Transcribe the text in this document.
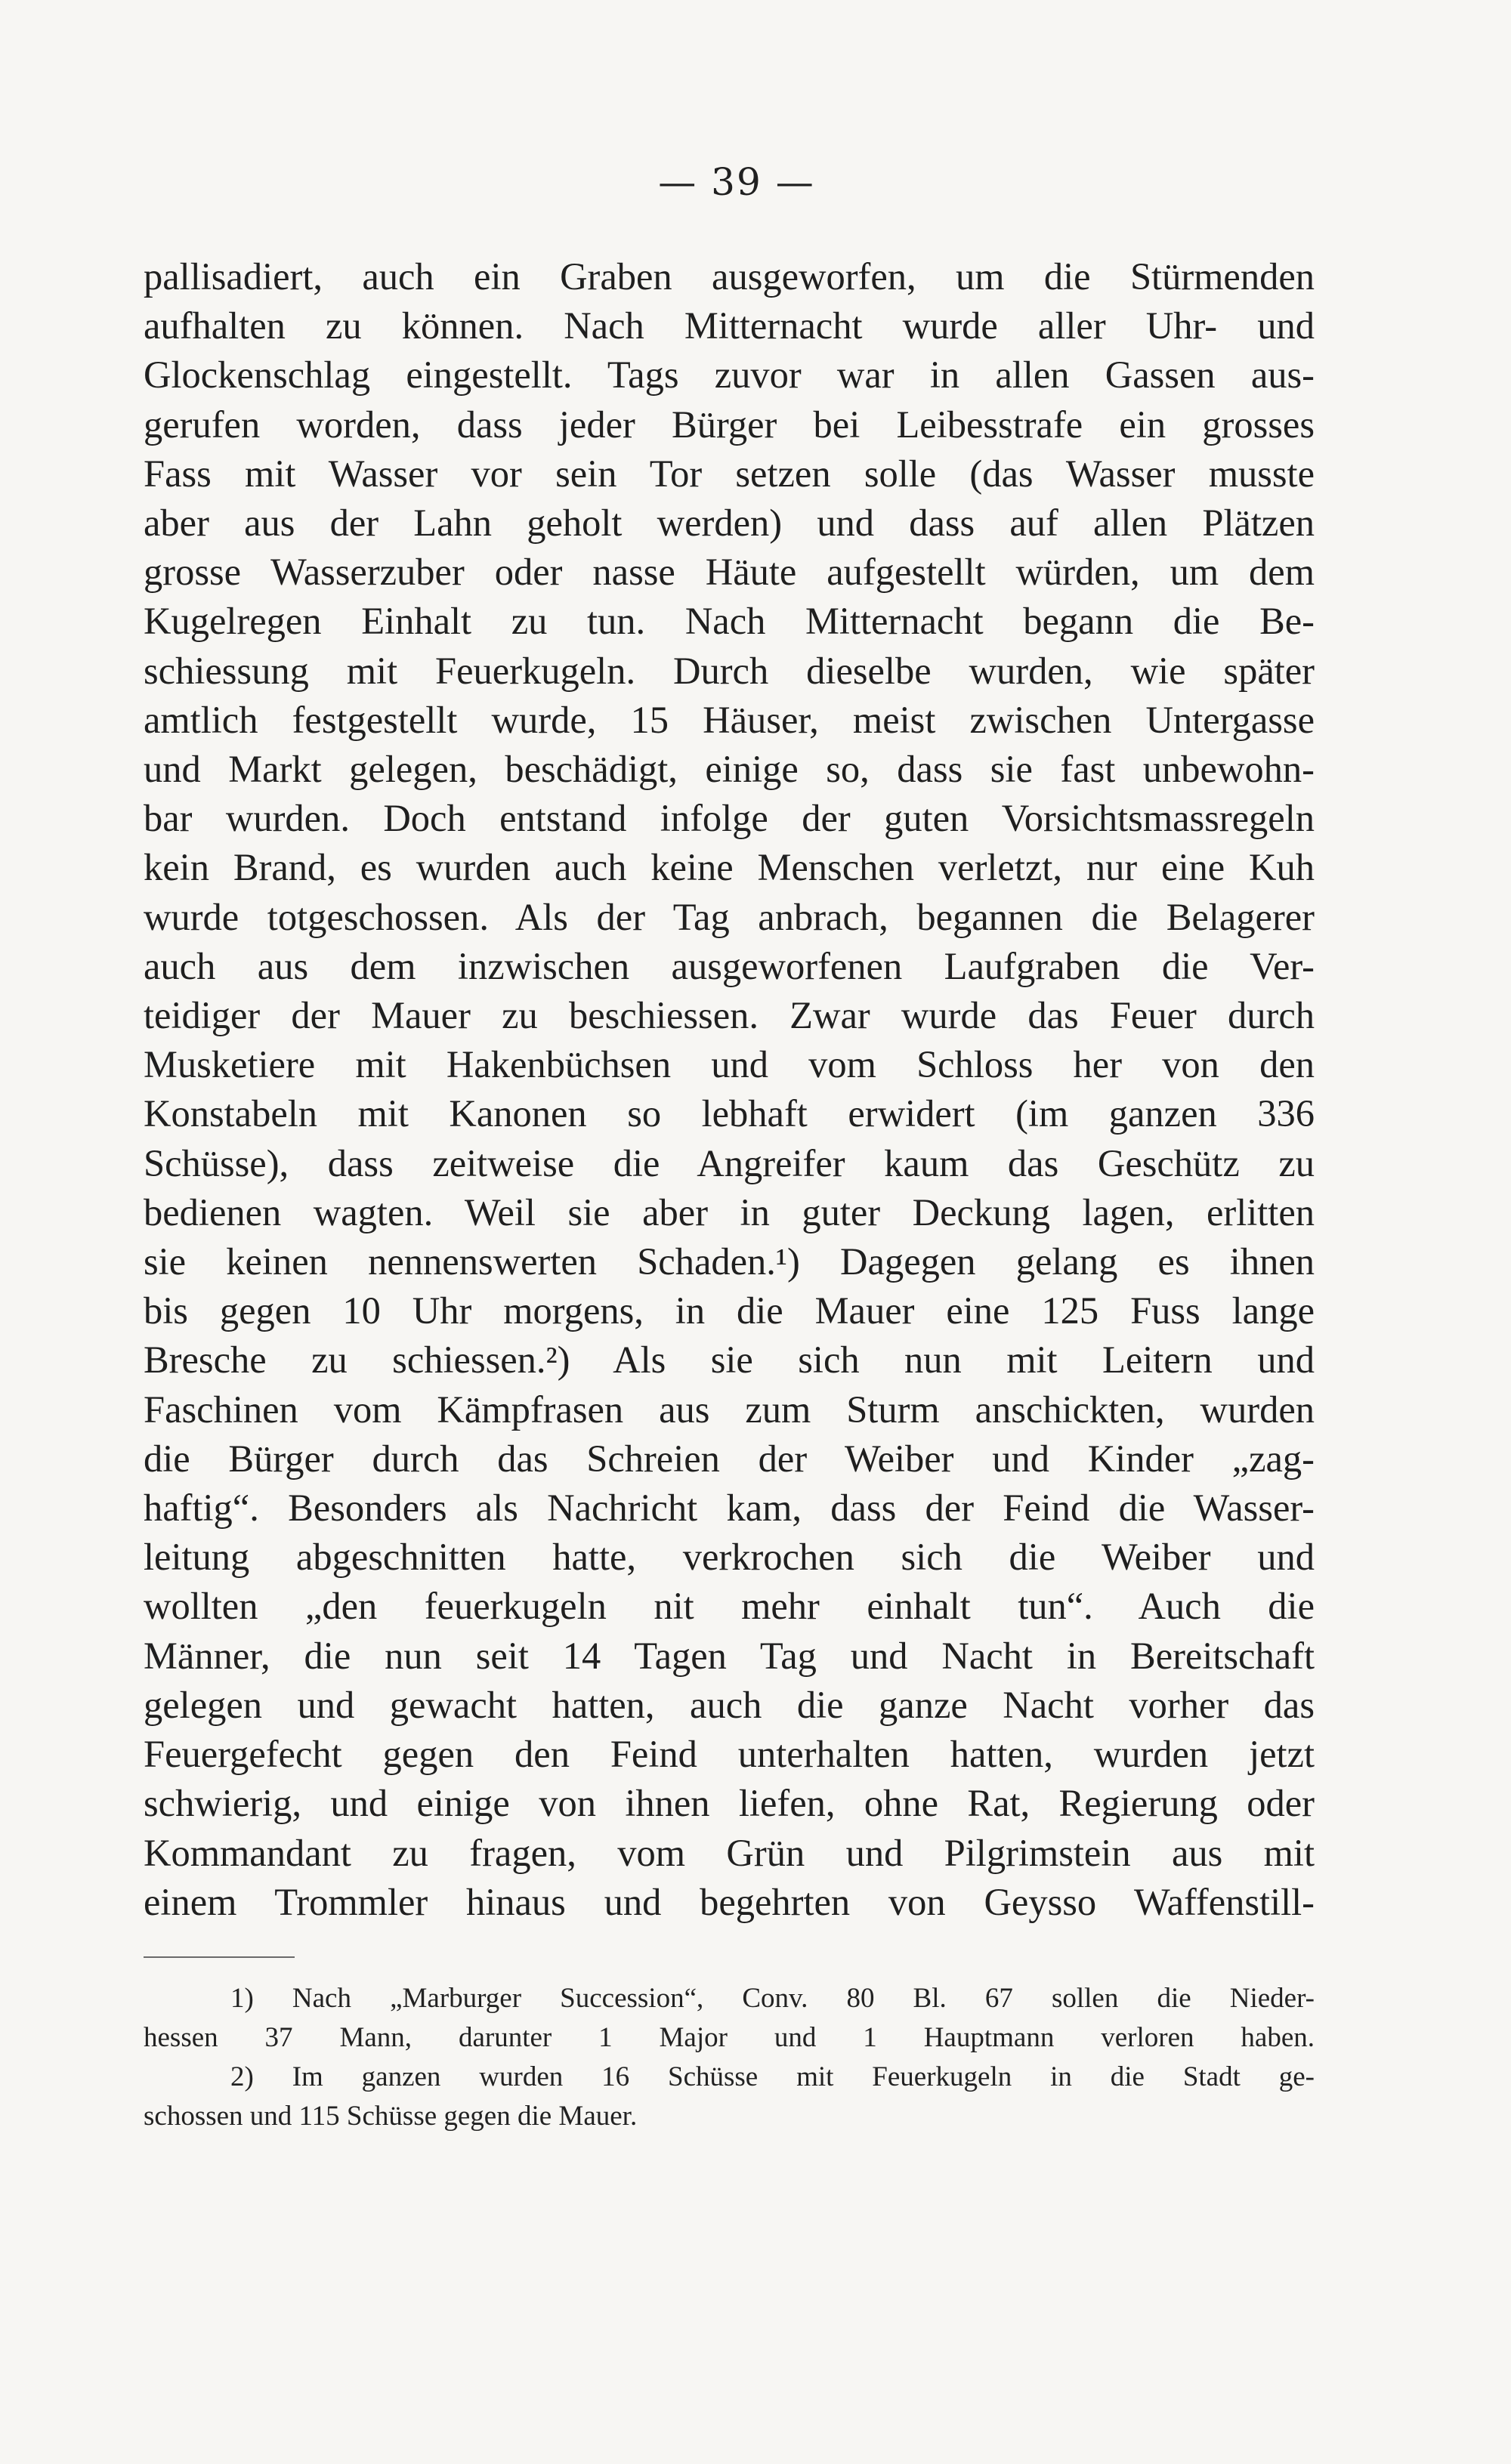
— 39 —
pallisadiert, auch ein Graben ausgeworfen, um die Stürmenden
aufhalten zu können. Nach Mitternacht wurde aller Uhr- und
Glockenschlag eingestellt. Tags zuvor war in allen Gassen aus-
gerufen worden, dass jeder Bürger bei Leibesstrafe ein grosses
Fass mit Wasser vor sein Tor setzen solle (das Wasser musste
aber aus der Lahn geholt werden) und dass auf allen Plätzen
grosse Wasserzuber oder nasse Häute aufgestellt würden, um dem
Kugelregen Einhalt zu tun. Nach Mitternacht begann die Be-
schiessung mit Feuerkugeln. Durch dieselbe wurden, wie später
amtlich festgestellt wurde, 15 Häuser, meist zwischen Untergasse
und Markt gelegen, beschädigt, einige so, dass sie fast unbewohn-
bar wurden. Doch entstand infolge der guten Vorsichtsmassregeln
kein Brand, es wurden auch keine Menschen verletzt, nur eine Kuh
wurde totgeschossen. Als der Tag anbrach, begannen die Belagerer
auch aus dem inzwischen ausgeworfenen Laufgraben die Ver-
teidiger der Mauer zu beschiessen. Zwar wurde das Feuer durch
Musketiere mit Hakenbüchsen und vom Schloss her von den
Konstabeln mit Kanonen so lebhaft erwidert (im ganzen 336
Schüsse), dass zeitweise die Angreifer kaum das Geschütz zu
bedienen wagten. Weil sie aber in guter Deckung lagen, erlitten
sie keinen nennenswerten Schaden.¹) Dagegen gelang es ihnen
bis gegen 10 Uhr morgens, in die Mauer eine 125 Fuss lange
Bresche zu schiessen.²) Als sie sich nun mit Leitern und
Faschinen vom Kämpfrasen aus zum Sturm anschickten, wurden
die Bürger durch das Schreien der Weiber und Kinder „zag-
haftig“. Besonders als Nachricht kam, dass der Feind die Wasser-
leitung abgeschnitten hatte, verkrochen sich die Weiber und
wollten „den feuerkugeln nit mehr einhalt tun“. Auch die
Männer, die nun seit 14 Tagen Tag und Nacht in Bereitschaft
gelegen und gewacht hatten, auch die ganze Nacht vorher das
Feuergefecht gegen den Feind unterhalten hatten, wurden jetzt
schwierig, und einige von ihnen liefen, ohne Rat, Regierung oder
Kommandant zu fragen, vom Grün und Pilgrimstein aus mit
einem Trommler hinaus und begehrten von Geysso Waffenstill-
1) Nach „Marburger Succession“, Conv. 80 Bl. 67 sollen die Nieder-
hessen 37 Mann, darunter 1 Major und 1 Hauptmann verloren haben.
2) Im ganzen wurden 16 Schüsse mit Feuerkugeln in die Stadt ge-
schossen und 115 Schüsse gegen die Mauer.
